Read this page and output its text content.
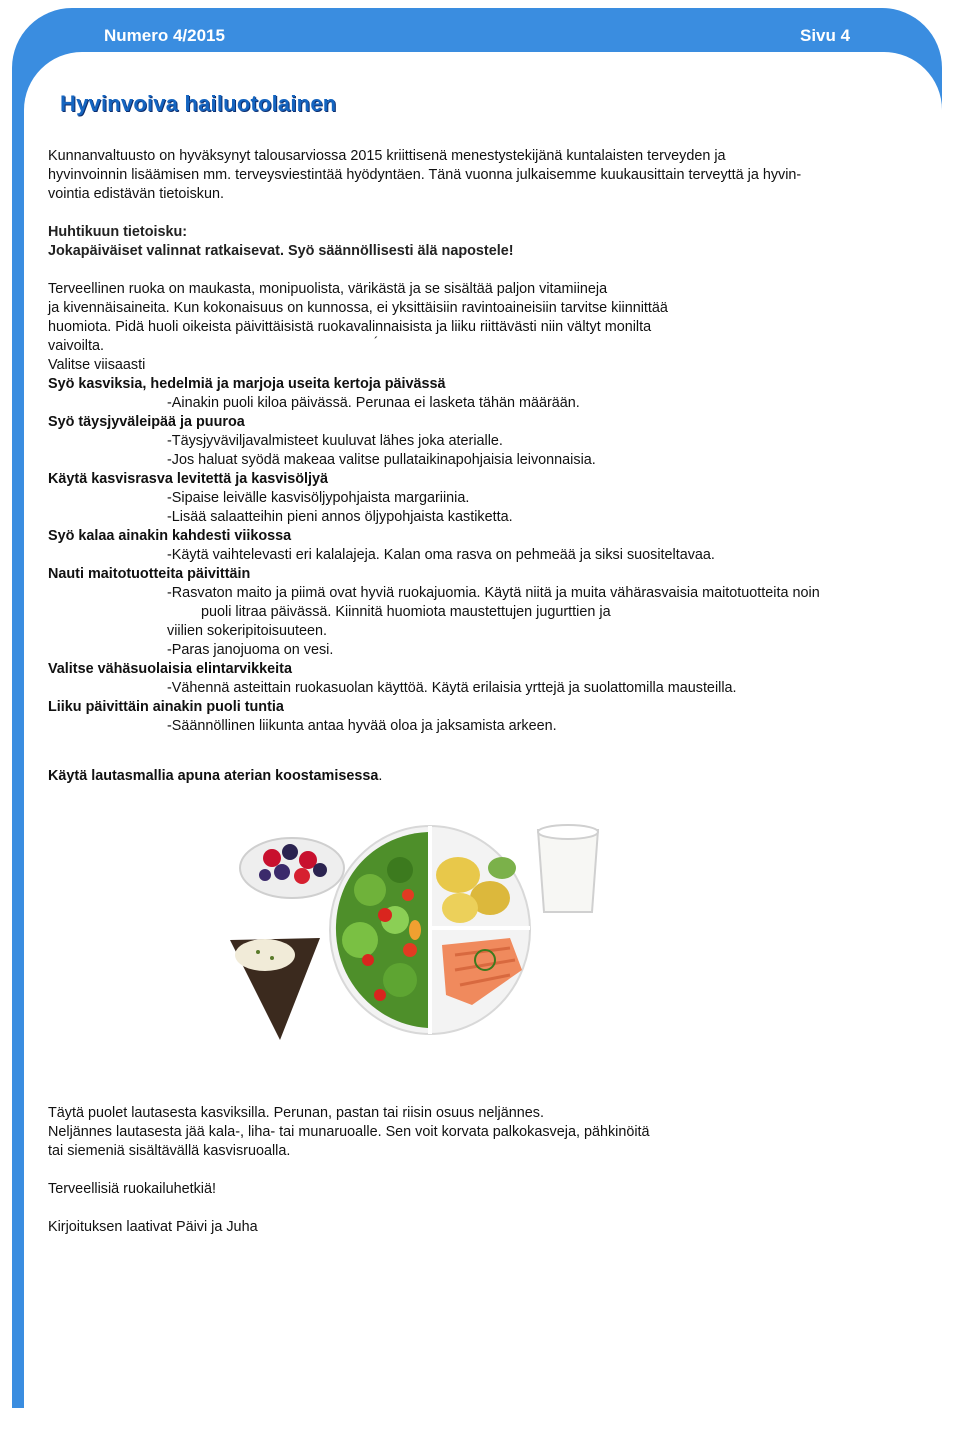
Numero 4/2015	Sivu 4
Hyvinvoiva hailuotolainen
´

Kunnanvaltuusto on hyväksynyt talousarviossa 2015 kriittisenä menestystekijänä kuntalaisten terveyden ja

hyvinvoinnin lisäämisen mm. terveysviestintää hyödyntäen. Tänä vuonna julkaisemme kuukausittain terveyttä ja hyvin-

vointia edistävän tietoiskun.

Huhtikuun tietoisku:

Jokapäiväiset valinnat ratkaisevat. Syö säännöllisesti älä napostele!

Terveellinen ruoka on maukasta, monipuolista, värikästä ja se sisältää paljon vitamiineja

ja kivennäisaineita. Kun kokonaisuus on kunnossa, ei yksittäisiin ravintoaineisiin tarvitse kiinnittää

huomiota. Pidä huoli oikeista päivittäisistä ruokavalinnaisista ja liiku riittävästi niin vältyt monilta

vaivoilta.

Valitse viisaasti

Syö kasviksia, hedelmiä ja marjoja useita kertoja päivässä

-Ainakin puoli kiloa päivässä. Perunaa ei lasketa tähän määrään.

Syö täysjyväleipää ja puuroa

-Täysjyväviljavalmisteet kuuluvat lähes joka aterialle.

-Jos haluat syödä makeaa valitse pullataikinapohjaisia leivonnaisia.

Käytä kasvisrasva levitettä ja kasvisöljyä

-Sipaise leivälle kasvisöljypohjaista margariinia.

-Lisää salaatteihin pieni annos öljypohjaista kastiketta.

Syö kalaa ainakin kahdesti viikossa

-Käytä vaihtelevasti eri kalalajeja. Kalan oma rasva on pehmeää ja siksi suositeltavaa.

Nauti maitotuotteita päivittäin

-Rasvaton maito ja piimä ovat hyviä ruokajuomia. Käytä niitä ja muita vähärasvaisia maitotuotteita noin

puoli litraa päivässä. Kiinnitä huomiota maustettujen jugurttien ja

viilien sokeripitoisuuteen.

-Paras janojuoma on vesi.

Valitse vähäsuolaisia elintarvikkeita

-Vähennä asteittain ruokasuolan käyttöä. Käytä erilaisia yrttejä ja suolattomilla mausteilla.

Liiku päivittäin ainakin puoli tuntia

-Säännöllinen liikunta antaa hyvää oloa ja jaksamista arkeen.

Käytä lautasmallia apuna aterian koostamisessa.

Täytä puolet lautasesta kasviksilla. Perunan, pastan tai riisin osuus neljännes.

Neljännes lautasesta jää kala-, liha- tai munaruoalle. Sen voit korvata palkokasveja, pähkinöitä

tai siemeniä sisältävällä kasvisruoalla.

Terveellisiä ruokailuhetkiä!

Kirjoituksen laativat Päivi ja Juha
